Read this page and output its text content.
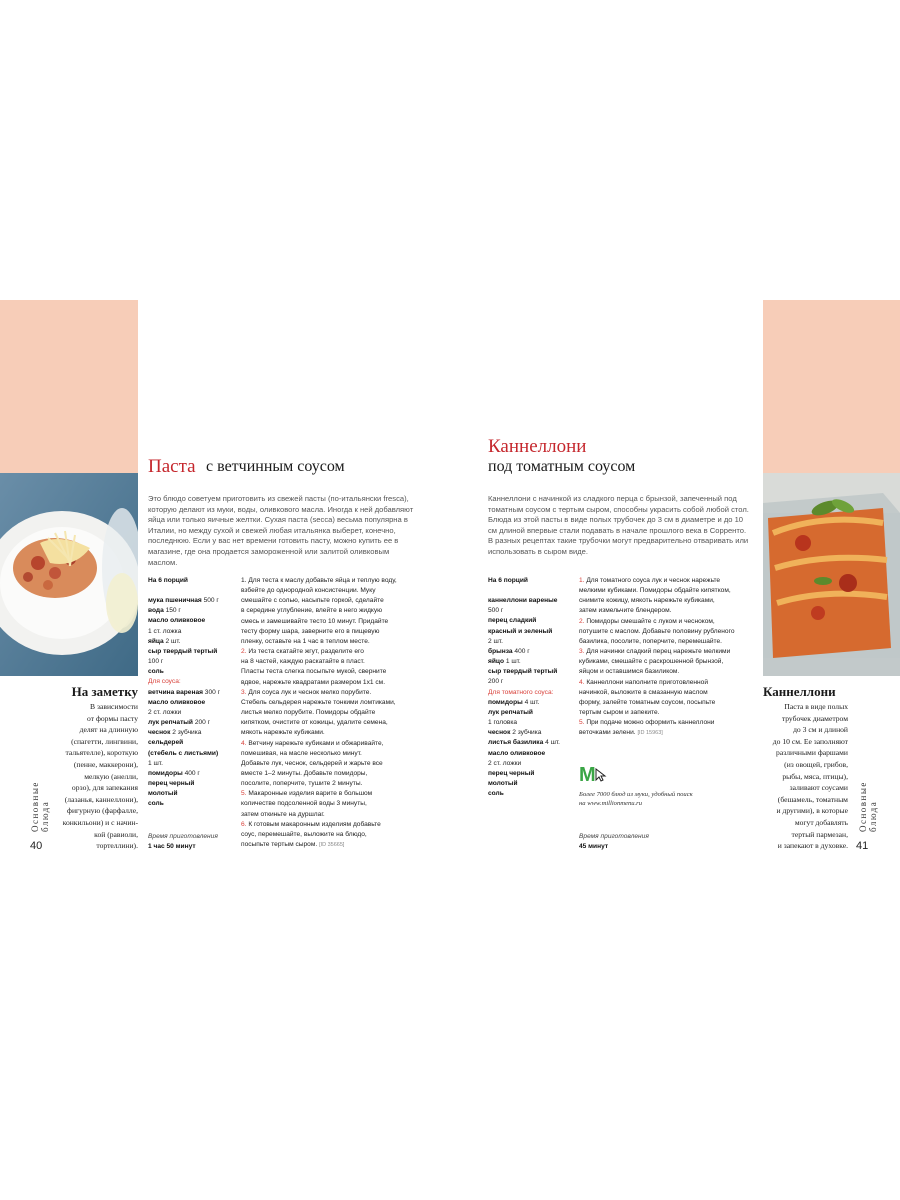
Паста с ветчинным соусом
Это блюдо советуем приготовить из свежей пасты (по-итальянски fresca), которую делают из муки, воды, оливкового масла. Иногда к ней добавляют яйца или только яичные желтки. Сухая паста (secca) весьма популярна в Италии, но между сухой и свежей любая итальянка выберет, конечно, последнюю. Если у вас нет времени готовить пасту, можно купить ее в магазине, где она продается замороженной или залитой оливковым маслом.
На 6 порций
мука пшеничная 500 г
вода 150 г
масло оливковое
1 ст. ложка
яйца 2 шт.
сыр твердый тертый
100 г
соль
Для соуса:
ветчина вареная 300 г
масло оливковое
2 ст. ложки
лук репчатый 200 г
чеснок 2 зубчика
сельдерей
(стебель с листьями)
1 шт.
помидоры 400 г
перец черный
молотый
соль
1. Для теста к маслу добавьте яйца и теплую воду,
взбейте до однородной консистенции. Муку
смешайте с солью, насыпьте горкой, сделайте
в середине углубление, влейте в него жидкую
смесь и замешивайте тесто 10 минут. Придайте
тесту форму шара, заверните его в пищевую
пленку, оставьте на 1 час в теплом месте.
2. Из теста скатайте жгут, разделите его
на 8 частей, каждую раскатайте в пласт.
Пласты теста слегка посыпьте мукой, сверните
вдвое, нарежьте квадратами размером 1х1 см.
3. Для соуса лук и чеснок мелко порубите.
Стебель сельдерея нарежьте тонкими ломтиками,
листья мелко порубите. Помидоры обдайте
кипятком, очистите от кожицы, удалите семена,
мякоть нарежьте кубиками.
4. Ветчину нарежьте кубиками и обжаривайте,
помешивая, на масле несколько минут.
Добавьте лук, чеснок, сельдерей и жарьте все
вместе 1–2 минуты. Добавьте помидоры,
посолите, поперчите, тушите 2 минуты.
5. Макаронные изделия варите в большом
количестве подсоленной воды 3 минуты,
затем откиньте на дуршлаг.
6. К готовым макаронным изделиям добавьте
соус, перемешайте, выложите на блюдо,
посыпьте тертым сыром. [ID 35665]
Время приготовления
1 час 50 минут
На заметку
В зависимости
от формы пасту
делят на длинную
(спагетти, лингвини,
тальятелле), короткую
(пенне, маккерони),
мелкую (анелли,
орзо), для запекания
(лазанья, каннеллони),
фигурную (фарфалле,
конкильони) и с начин-
кой (равиоли,
тортеллини).
Основные блюда
40
Каннеллони
под томатным соусом
Каннеллони с начинкой из сладкого перца с брынзой, запеченный под томатным соусом с тертым сыром, способны украсить собой любой стол. Блюда из этой пасты в виде полых трубочек до 3 см в диаметре и до 10 см длиной впервые стали подавать в начале прошлого века в Сорренто. В разных рецептах такие трубочки могут предварительно отваривать или использовать в сыром виде.
На 6 порций
каннеллони вареные
500 г
перец сладкий
красный и зеленый
2 шт.
брынза 400 г
яйцо 1 шт.
сыр твердый тертый
200 г
Для томатного соуса:
помидоры 4 шт.
лук репчатый
1 головка
чеснок 2 зубчика
листья базилика 4 шт.
масло оливковое
2 ст. ложки
перец черный
молотый
соль
1. Для томатного соуса лук и чеснок нарежьте
мелкими кубиками. Помидоры обдайте кипятком,
снимите кожицу, мякоть нарежьте кубиками,
затем измельчите блендером.
2. Помидоры смешайте с луком и чесноком,
потушите с маслом. Добавьте половину рубленого
базилика, посолите, поперчите, перемешайте.
3. Для начинки сладкий перец нарежьте мелкими
кубиками, смешайте с раскрошенной брынзой,
яйцом и оставшимся базиликом.
4. Каннеллони наполните приготовленной
начинкой, выложите в смазанную маслом
форму, залейте томатным соусом, посыпьте
тертым сыром и запеките.
5. При подаче можно оформить каннеллони
веточками зелени. [ID 15963]
M
Более 7000 блюд из муки, удобный поиск
на www.millionmenu.ru
Время приготовления
45 минут
Каннеллони
Паста в виде полых
трубочек диаметром
до 3 см и длиной
до 10 см. Ее заполняют
различными фаршами
(из овощей, грибов,
рыбы, мяса, птицы),
заливают соусами
(бешамель, томатным
и другими), в которые
могут добавлять
тертый пармезан,
и запекают в духовке.
Основные блюда
41
